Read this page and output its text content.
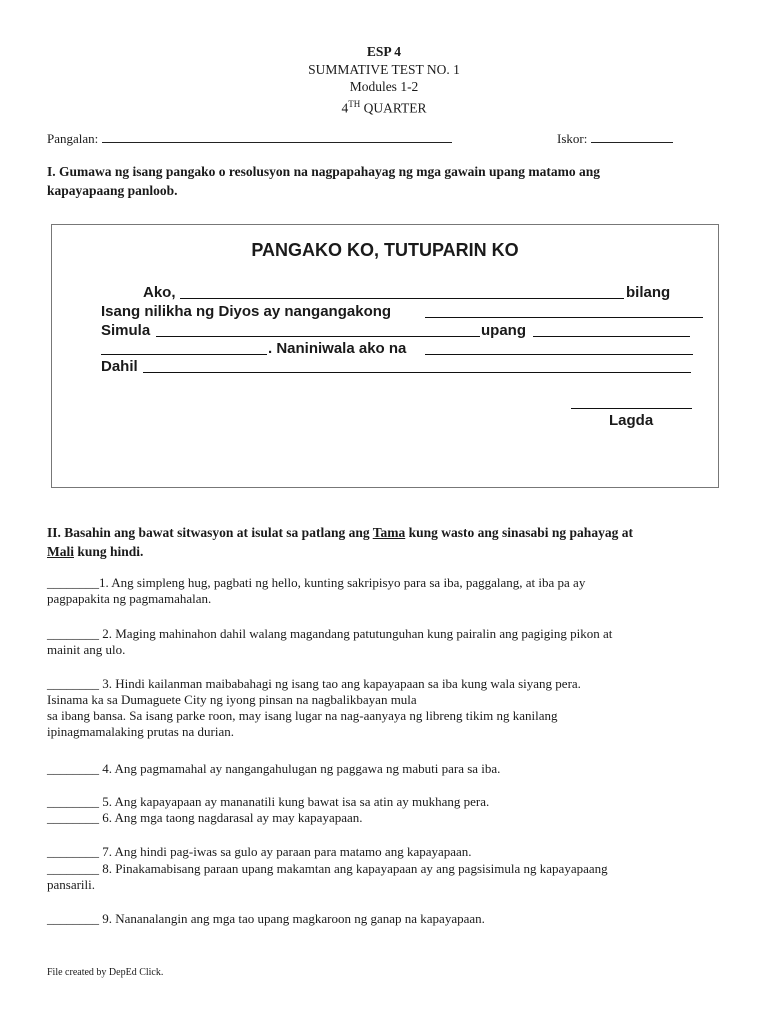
ESP 4
SUMMATIVE TEST NO. 1
Modules 1-2
4TH QUARTER
Pangalan:	Iskor:
I. Gumawa ng isang pangako o resolusyon na nagpapahayag ng mga gawain upang matamo ang
kapayapaang panloob.
PANGAKO KO, TUTUPARIN KO
Ako,	bilang
Isang nilikha ng Diyos ay nangangakong
Simula	upang
. Naniniwala ako na
Dahil
Lagda
II. Basahin ang bawat sitwasyon at isulat sa patlang ang Tama kung wasto ang sinasabi ng pahayag at
Mali kung hindi.
________1. Ang simpleng hug, pagbati ng hello, kunting sakripisyo para sa iba, paggalang, at iba pa ay
pagpapakita ng pagmamahalan.
________ 2. Maging mahinahon dahil walang magandang patutunguhan kung pairalin ang pagiging pikon at
mainit ang ulo.
________ 3. Hindi kailanman maibabahagi ng isang tao ang kapayapaan sa iba kung wala siyang pera.
Isinama ka sa Dumaguete City ng iyong pinsan na nagbalikbayan mula
sa ibang bansa. Sa isang parke roon, may isang lugar na nag-aanyaya ng libreng tikim ng kanilang
ipinagmamalaking prutas na durian.
________ 4. Ang pagmamahal ay nangangahulugan ng paggawa ng mabuti para sa iba.
________ 5. Ang kapayapaan ay mananatili kung bawat isa sa atin ay mukhang pera.
________ 6. Ang mga taong nagdarasal ay may kapayapaan.
________ 7. Ang hindi pag-iwas sa gulo ay paraan para matamo ang kapayapaan.
________ 8. Pinakamabisang paraan upang makamtan ang kapayapaan ay ang pagsisimula ng kapayapaang
pansarili.
________ 9. Nananalangin ang mga tao upang magkaroon ng ganap na kapayapaan.
File created by DepEd Click.
